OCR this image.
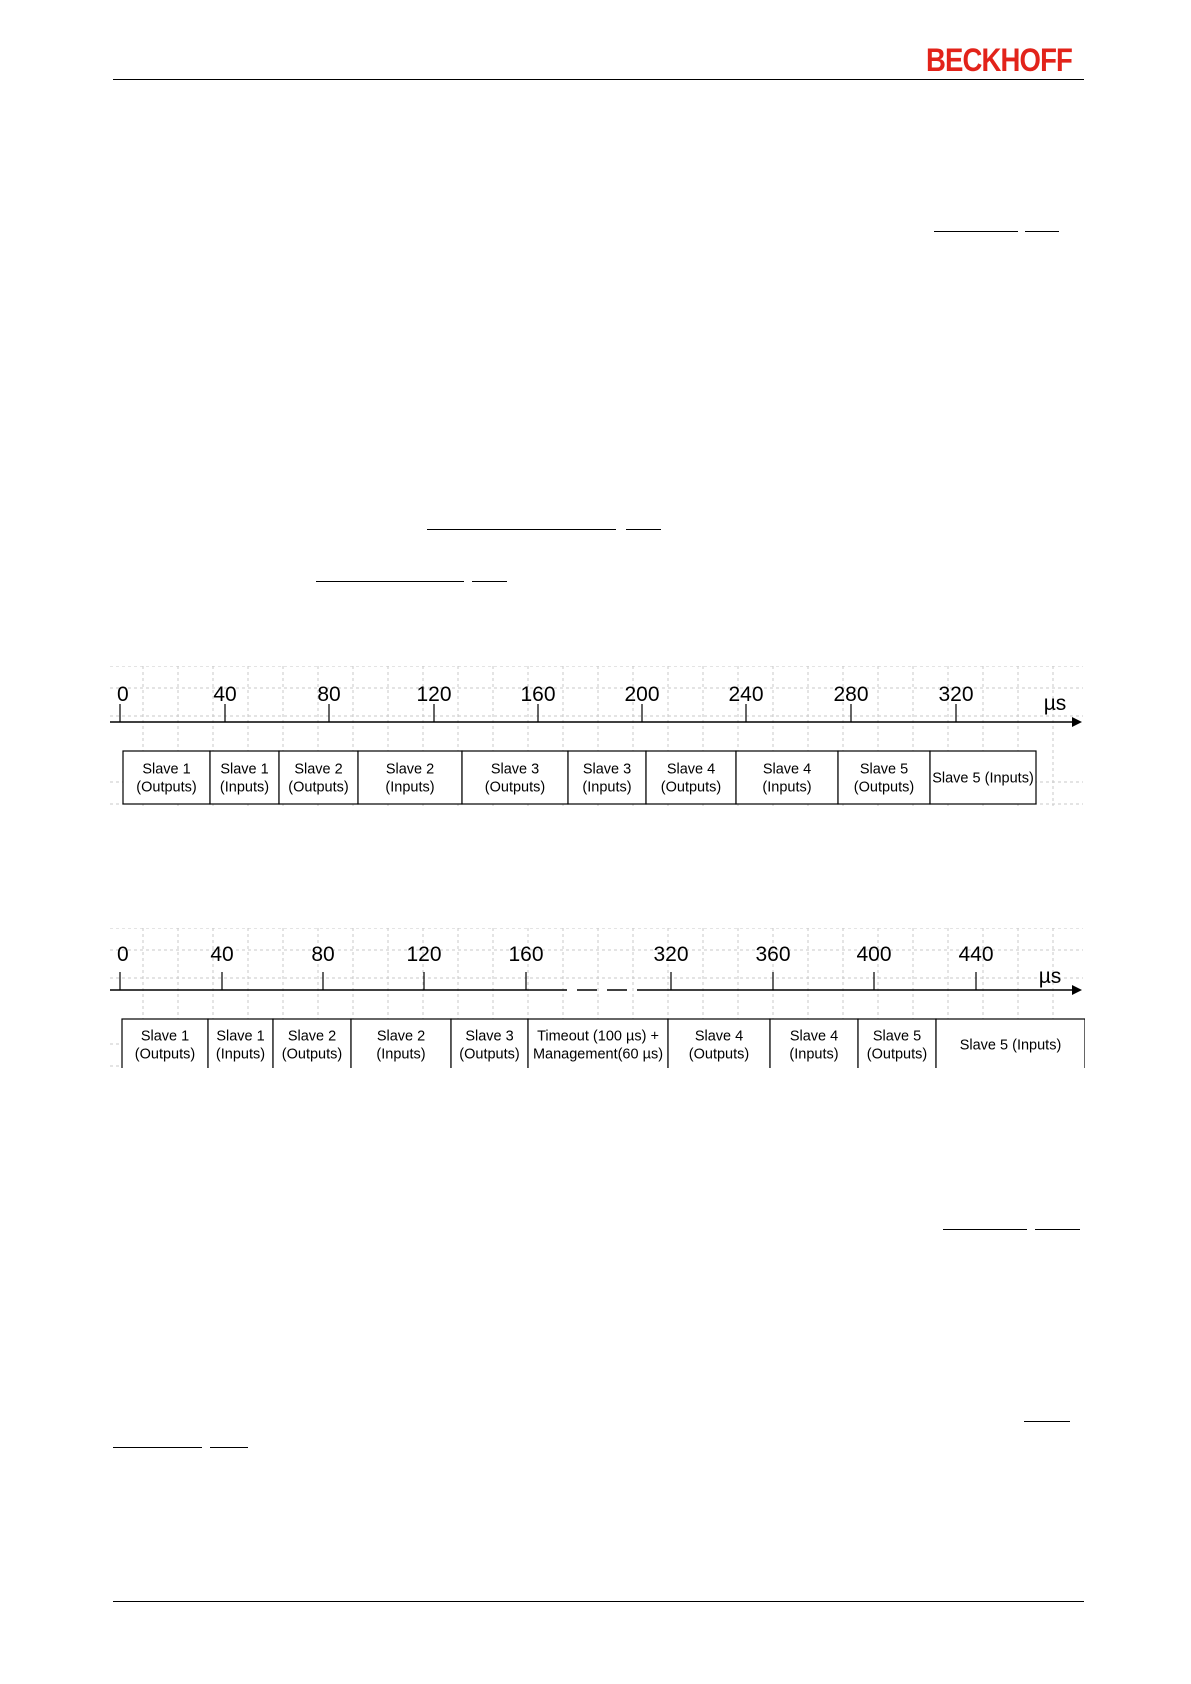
BECKHOFF
0	40	80	120	160	200	240	280	320	µs
Slave 1
(Outputs)
Slave 1
(Inputs)
Slave 2
(Outputs)
Slave 2
(Inputs)
Slave 3
(Outputs)
Slave 3
(Inputs)
Slave 4
(Outputs)
Slave 4
(Inputs)
Slave 5
(Outputs)
Slave 5 (Inputs)
0	40	80	120	160	320	360	400	440
µs
Slave 1
(Outputs)
Slave 1
(Inputs)
Slave 2
(Outputs)
Slave 2
(Inputs)
Slave 3
(Outputs)
Timeout (100 µs) +
Management(60 µs)
Slave 4
(Outputs)
Slave 4
(Inputs)
Slave 5
(Outputs)
Slave 5 (Inputs)
